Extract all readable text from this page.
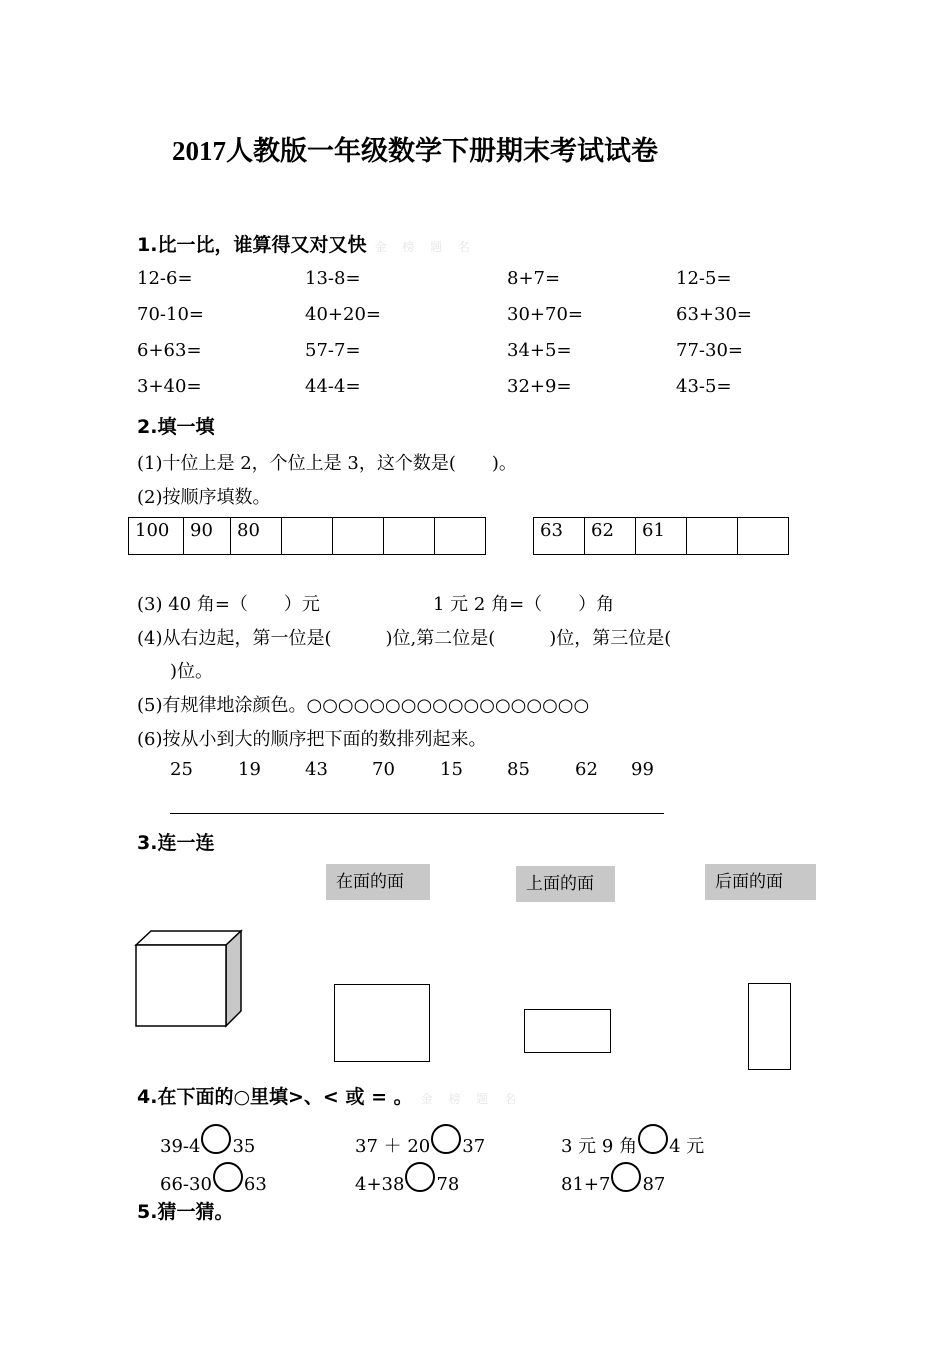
2017人教版一年级数学下册期末考试试卷
1.比一比，谁算得又对又快 金 榜 题 名
12-6=	13-8=	8+7=	12-5=
70-10=	40+20=	30+70=	63+30=
6+63=	57-7=	34+5=	77-30=
3+40=	44-4=	32+9=	43-5=
2.填一填
(1)十位上是 2，个位上是 3，这个数是(　　)。
(2)按顺序填数。
100	90	80					63	62	61		
(3) 40 角=（　　）元	1 元 2 角=（　　）角
(4)从右边起，第一位是(　　　)位,第二位是(　　　)位，第三位是(
)位。
(5)有规律地涂颜色。○○○○○○○○○○○○○○○○○○
(6)按从小到大的顺序把下面的数排列起来。
25	19 43 70	15 85	62 99
3.连一连
在面的面	上面的面	后面的面
4.在下面的○里填>、< 或 = 。 金 榜 题 名
39-4 35	37 ＋ 20 37	3 元 9 角 4 元
66-30 63	4+38 78	81+7 87
5.猜一猜。
